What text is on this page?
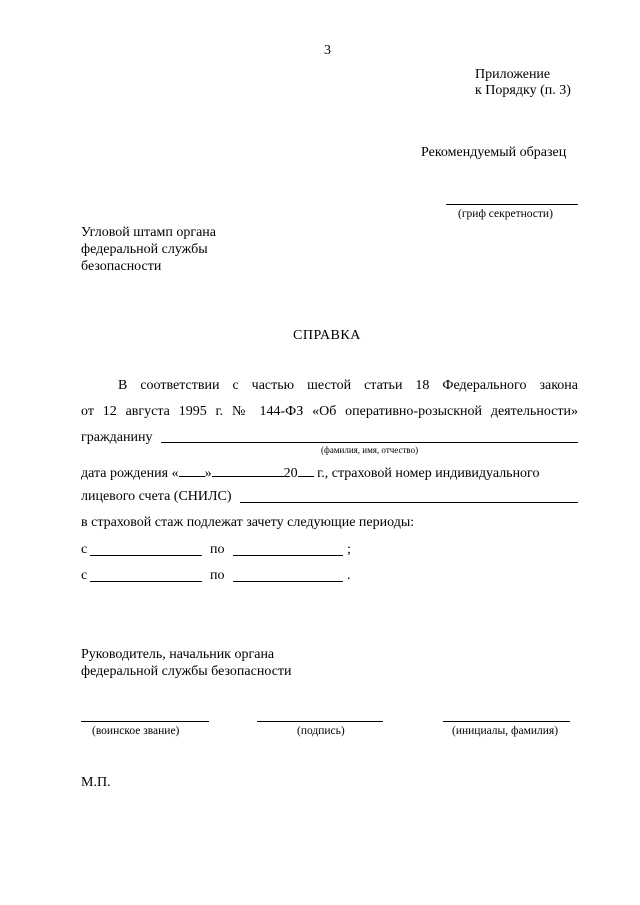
3
Приложение
к Порядку (п. 3)
Рекомендуемый образец
(гриф секретности)
Угловой штамп органа
федеральной службы
безопасности
СПРАВКА
В соответствии с частью шестой статьи 18 Федерального закона
от 12 августа 1995 г. № 144-ФЗ «Об оперативно-розыскной деятельности»
гражданину
(фамилия, имя, отчество)
дата рождения « »	20 г., страховой номер индивидуального
лицевого счета (СНИЛС)
в страховой стаж подлежат зачету следующие периоды:
с	по	;
с	по	.
Руководитель, начальник органа
федеральной службы безопасности
(воинское звание)	(подпись)	(инициалы, фамилия)
М.П.
